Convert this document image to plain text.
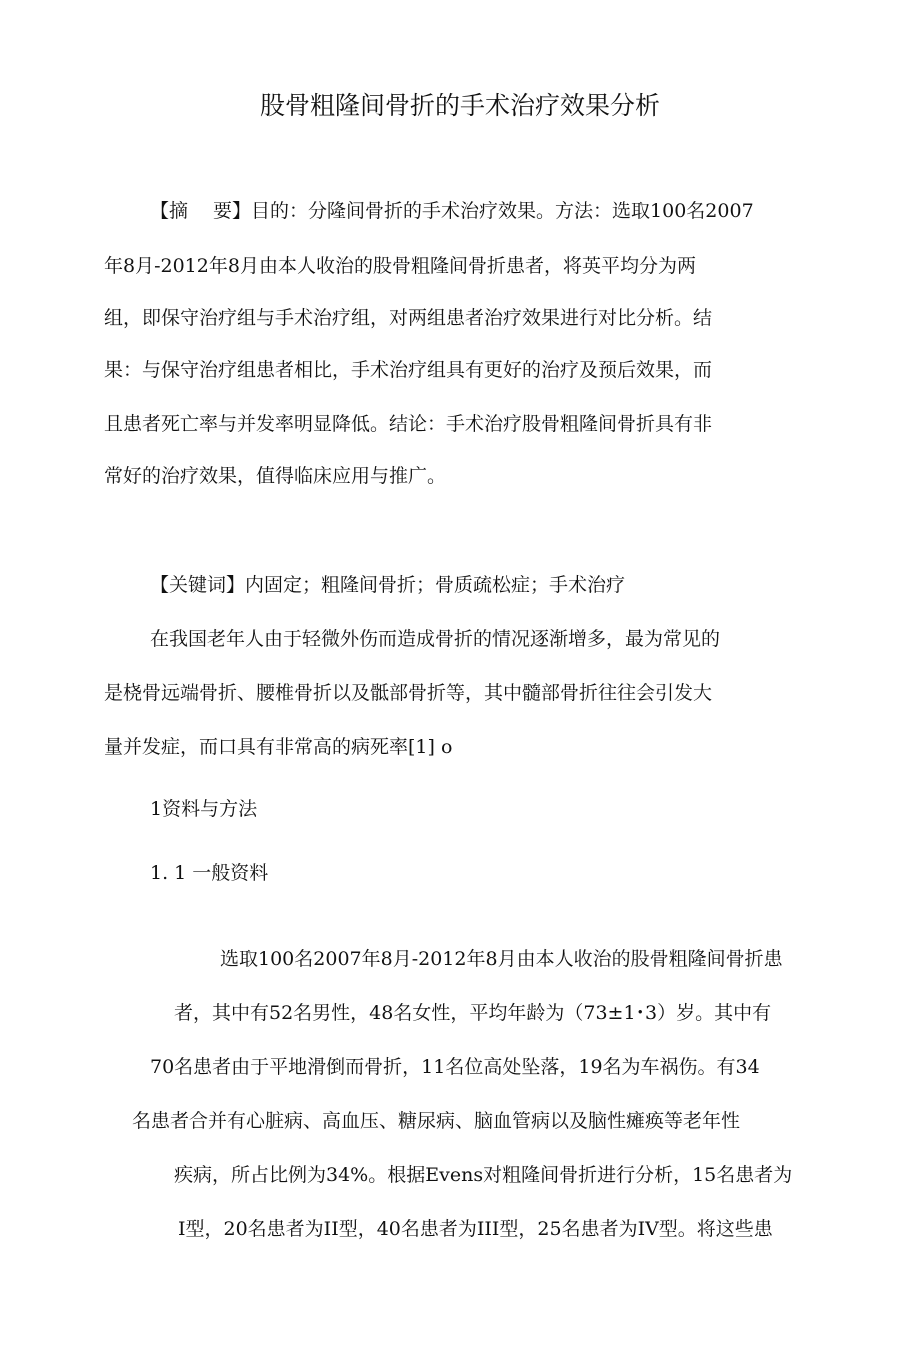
股骨粗隆间骨折的手术治疗效果分析
【摘　 要】目的：分隆间骨折的手术治疗效果。方法：选取100名2007
年8月-2012年8月由本人收治的股骨粗隆间骨折患者，将英平均分为两
组，即保守治疗组与手术治疗组，对两组患者治疗效果进行对比分析。结
果：与保守治疗组患者相比，手术治疗组具有更好的治疗及预后效果，而
且患者死亡率与并发率明显降低。结论：手术治疗股骨粗隆间骨折具有非
常好的治疗效果，值得临床应用与推广。
【关键词】内固定；粗隆间骨折；骨质疏松症；手术治疗
在我国老年人由于轻微外伤而造成骨折的情况逐渐增多，最为常见的
是桡骨远端骨折、腰椎骨折以及骶部骨折等，其中髓部骨折往往会引发大
量并发症，而口具有非常高的病死率[1] o
1资料与方法
1. 1 一般资料
选取100名2007年8月-2012年8月由本人收治的股骨粗隆间骨折患
者，其中有52名男性，48名女性，平均年龄为（73±1･3）岁。其中有
70名患者由于平地滑倒而骨折，11名位高处坠落，19名为车祸伤。有34
名患者合并有心脏病、高血压、糖尿病、脑血管病以及脑性瘫痪等老年性
疾病，所占比例为34%。根据Evens对粗隆间骨折进行分析，15名患者为
I型，20名患者为II型，40名患者为III型，25名患者为IV型。将这些患
